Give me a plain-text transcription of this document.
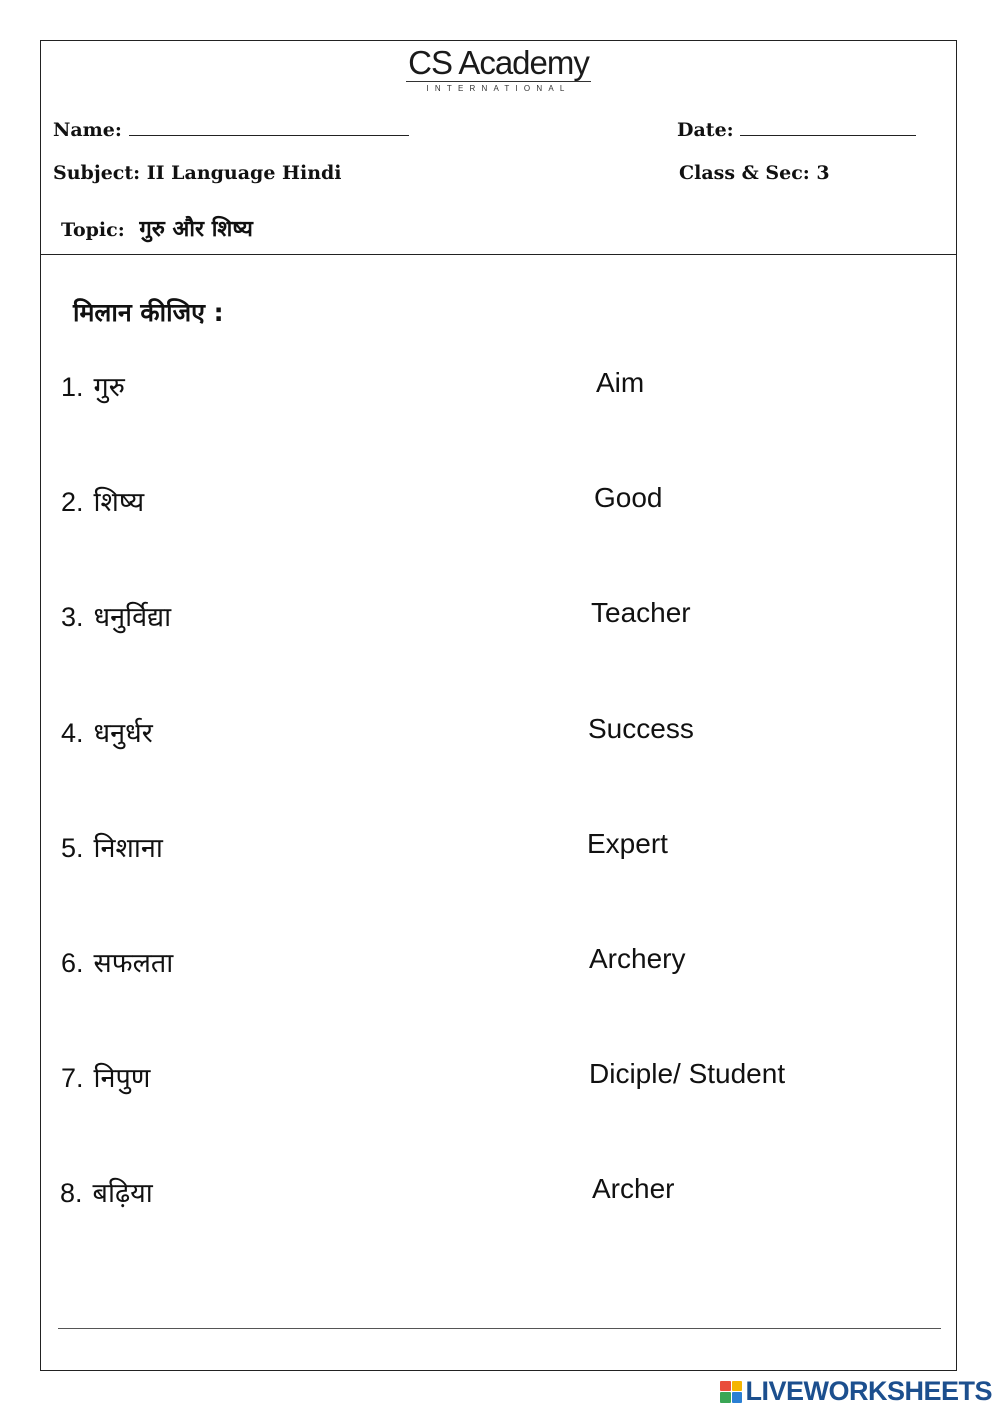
CS Academy
INTERNATIONAL
Name:	Date:
Subject: II Language Hindi	Class & Sec: 3
Topic: गुरु और शिष्य
मिलान कीजिए :
1. गुरु
2. शिष्य
3. धनुर्विद्या
4. धनुर्धर
5. निशाना
6. सफलता
7. निपुण
8. बढ़िया
Aim
Good
Teacher
Success
Expert
Archery
Diciple/ Student
Archer
LIVEWORKSHEETS
